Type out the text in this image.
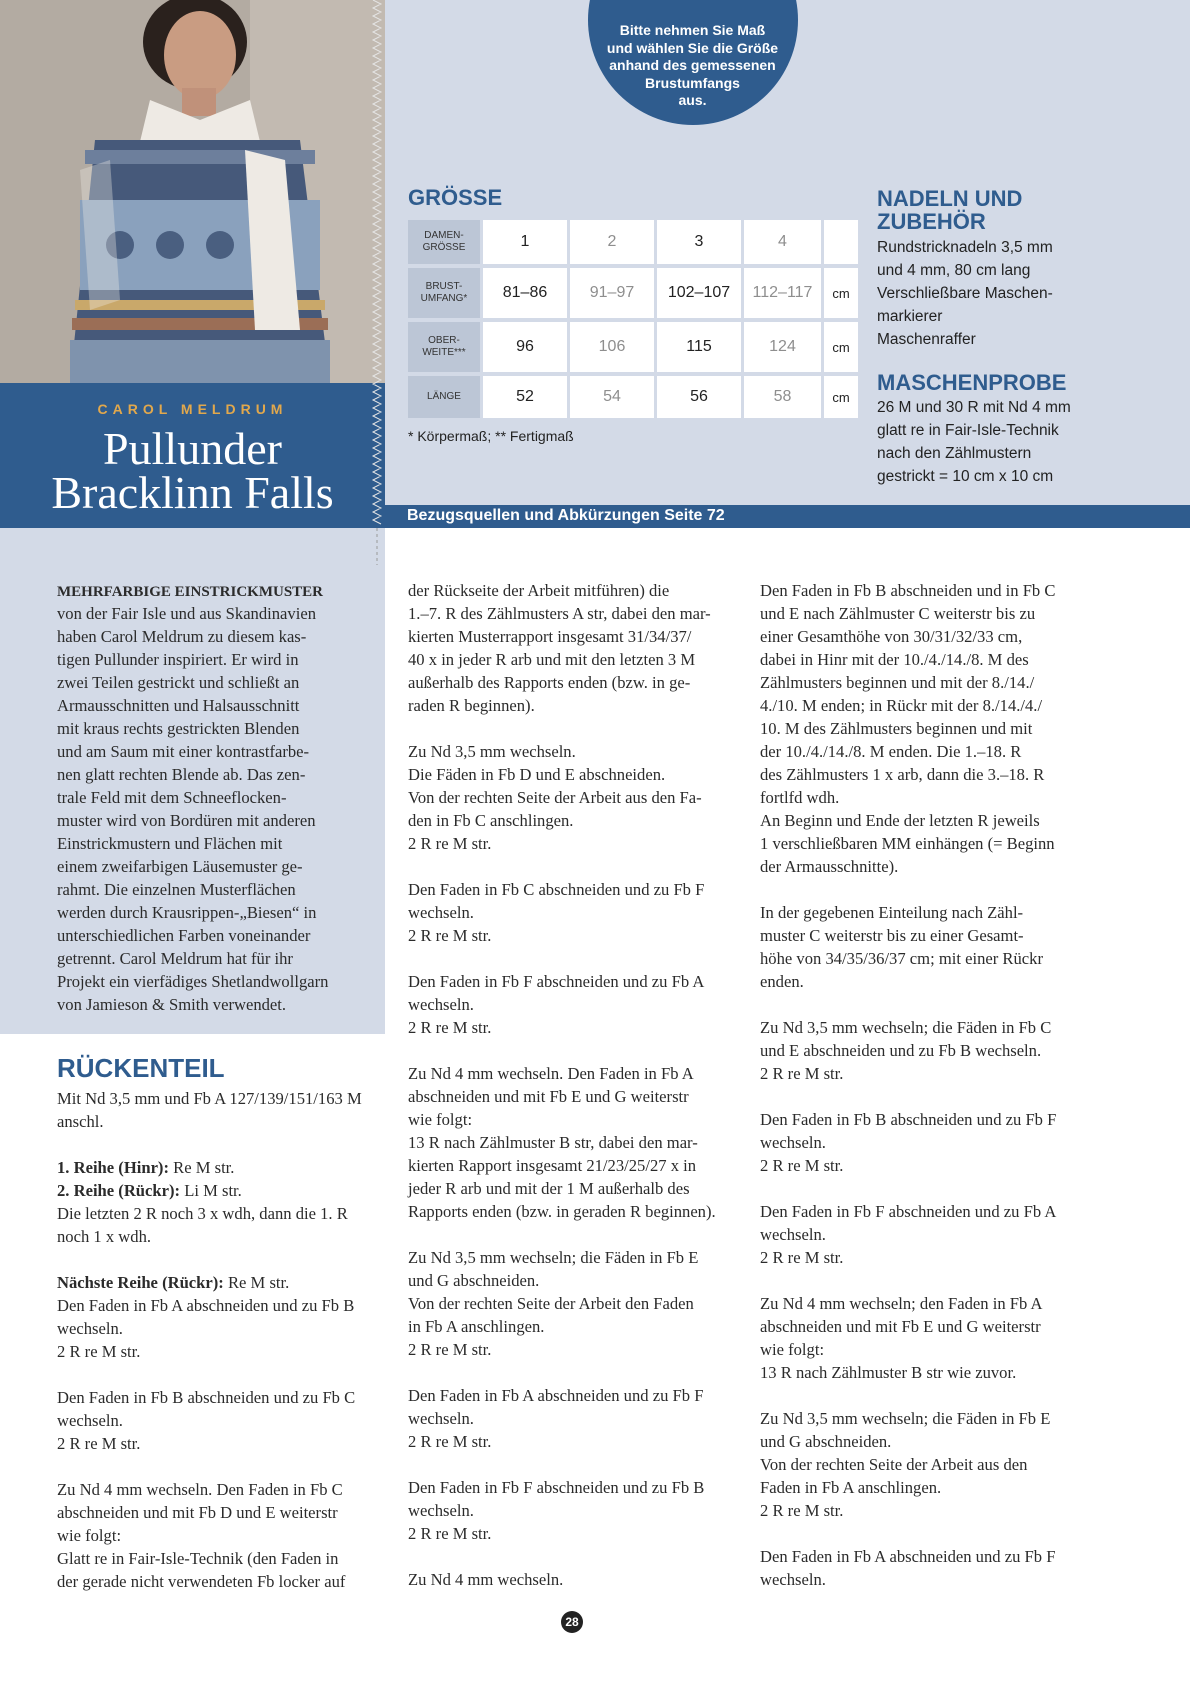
Bitte nehmen Sie Maß
und wählen Sie die Größe
anhand des gemessenen
Brustumfangs
aus.
GRÖSSE
DAMEN-
GRÖSSE	1	2	3	4
BRUST-
UMFANG*	81–86	91–97	102–107	112–117	cm
OBER-
WEITE***	96	106	115	124	cm
LÄNGE	52	54	56	58	cm
* Körpermaß; ** Fertigmaß
NADELN UND
ZUBEHÖR
Rundstricknadeln 3,5 mm
und 4 mm, 80 cm lang
Verschließbare Maschen-
markierer
Maschenraffer
MASCHENPROBE
26 M und 30 R mit Nd 4 mm
glatt re in Fair-Isle-Technik
nach den Zählmustern
gestrickt = 10 cm x 10 cm
CAROL MELDRUM
Pullunder
Bracklinn Falls	Bezugsquellen und Abkürzungen Seite 72
MEHRFARBIGE EINSTRICKMUSTER
von der Fair Isle und aus Skandinavien
haben Carol Meldrum zu diesem kas-
tigen Pullunder inspiriert. Er wird in
zwei Teilen gestrickt und schließt an
Armausschnitten und Halsausschnitt
mit kraus rechts gestrickten Blenden
und am Saum mit einer kontrastfarbe-
nen glatt rechten Blende ab. Das zen-
trale Feld mit dem Schneeflocken-
muster wird von Bordüren mit anderen
Einstrickmustern und Flächen mit
einem zweifarbigen Läusemuster ge-
rahmt. Die einzelnen Musterflächen
werden durch Krausrippen-„Biesen“ in
unterschiedlichen Farben voneinander
getrennt. Carol Meldrum hat für ihr
Projekt ein vierfädiges Shetlandwollgarn
von Jamieson & Smith verwendet.
RÜCKENTEIL
Mit Nd 3,5 mm und Fb A 127/139/151/163 M
anschl.
1. Reihe (Hinr): Re M str.
2. Reihe (Rückr): Li M str.
Die letzten 2 R noch 3 x wdh, dann die 1. R
noch 1 x wdh.
Nächste Reihe (Rückr): Re M str.
Den Faden in Fb A abschneiden und zu Fb B
wechseln.
2 R re M str.
Den Faden in Fb B abschneiden und zu Fb C
wechseln.
2 R re M str.
Zu Nd 4 mm wechseln. Den Faden in Fb C
abschneiden und mit Fb D und E weiterstr
wie folgt:
Glatt re in Fair-Isle-Technik (den Faden in
der gerade nicht verwendeten Fb locker auf
der Rückseite der Arbeit mitführen) die
1.–7. R des Zählmusters A str, dabei den mar-
kierten Musterrapport insgesamt 31/34/37/
40 x in jeder R arb und mit den letzten 3 M
außerhalb des Rapports enden (bzw. in ge-
raden R beginnen).
Zu Nd 3,5 mm wechseln.
Die Fäden in Fb D und E abschneiden.
Von der rechten Seite der Arbeit aus den Fa-
den in Fb C anschlingen.
2 R re M str.
Den Faden in Fb C abschneiden und zu Fb F
wechseln.
2 R re M str.
Den Faden in Fb F abschneiden und zu Fb A
wechseln.
2 R re M str.
Zu Nd 4 mm wechseln. Den Faden in Fb A
abschneiden und mit Fb E und G weiterstr
wie folgt:
13 R nach Zählmuster B str, dabei den mar-
kierten Rapport insgesamt 21/23/25/27 x in
jeder R arb und mit der 1 M außerhalb des
Rapports enden (bzw. in geraden R beginnen).
Zu Nd 3,5 mm wechseln; die Fäden in Fb E
und G abschneiden.
Von der rechten Seite der Arbeit den Faden
in Fb A anschlingen.
2 R re M str.
Den Faden in Fb A abschneiden und zu Fb F
wechseln.
2 R re M str.
Den Faden in Fb F abschneiden und zu Fb B
wechseln.
2 R re M str.
Zu Nd 4 mm wechseln.
Den Faden in Fb B abschneiden und in Fb C
und E nach Zählmuster C weiterstr bis zu
einer Gesamthöhe von 30/31/32/33 cm,
dabei in Hinr mit der 10./4./14./8. M des
Zählmusters beginnen und mit der 8./14./
4./10. M enden; in Rückr mit der 8./14./4./
10. M des Zählmusters beginnen und mit
der 10./4./14./8. M enden. Die 1.–18. R
des Zählmusters 1 x arb, dann die 3.–18. R
fortlfd wdh.
An Beginn und Ende der letzten R jeweils
1 verschließbaren MM einhängen (= Beginn
der Armausschnitte).
In der gegebenen Einteilung nach Zähl-
muster C weiterstr bis zu einer Gesamt-
höhe von 34/35/36/37 cm; mit einer Rückr
enden.
Zu Nd 3,5 mm wechseln; die Fäden in Fb C
und E abschneiden und zu Fb B wechseln.
2 R re M str.
Den Faden in Fb B abschneiden und zu Fb F
wechseln.
2 R re M str.
Den Faden in Fb F abschneiden und zu Fb A
wechseln.
2 R re M str.
Zu Nd 4 mm wechseln; den Faden in Fb A
abschneiden und mit Fb E und G weiterstr
wie folgt:
13 R nach Zählmuster B str wie zuvor.
Zu Nd 3,5 mm wechseln; die Fäden in Fb E
und G abschneiden.
Von der rechten Seite der Arbeit aus den
Faden in Fb A anschlingen.
2 R re M str.
Den Faden in Fb A abschneiden und zu Fb F
wechseln.
28
